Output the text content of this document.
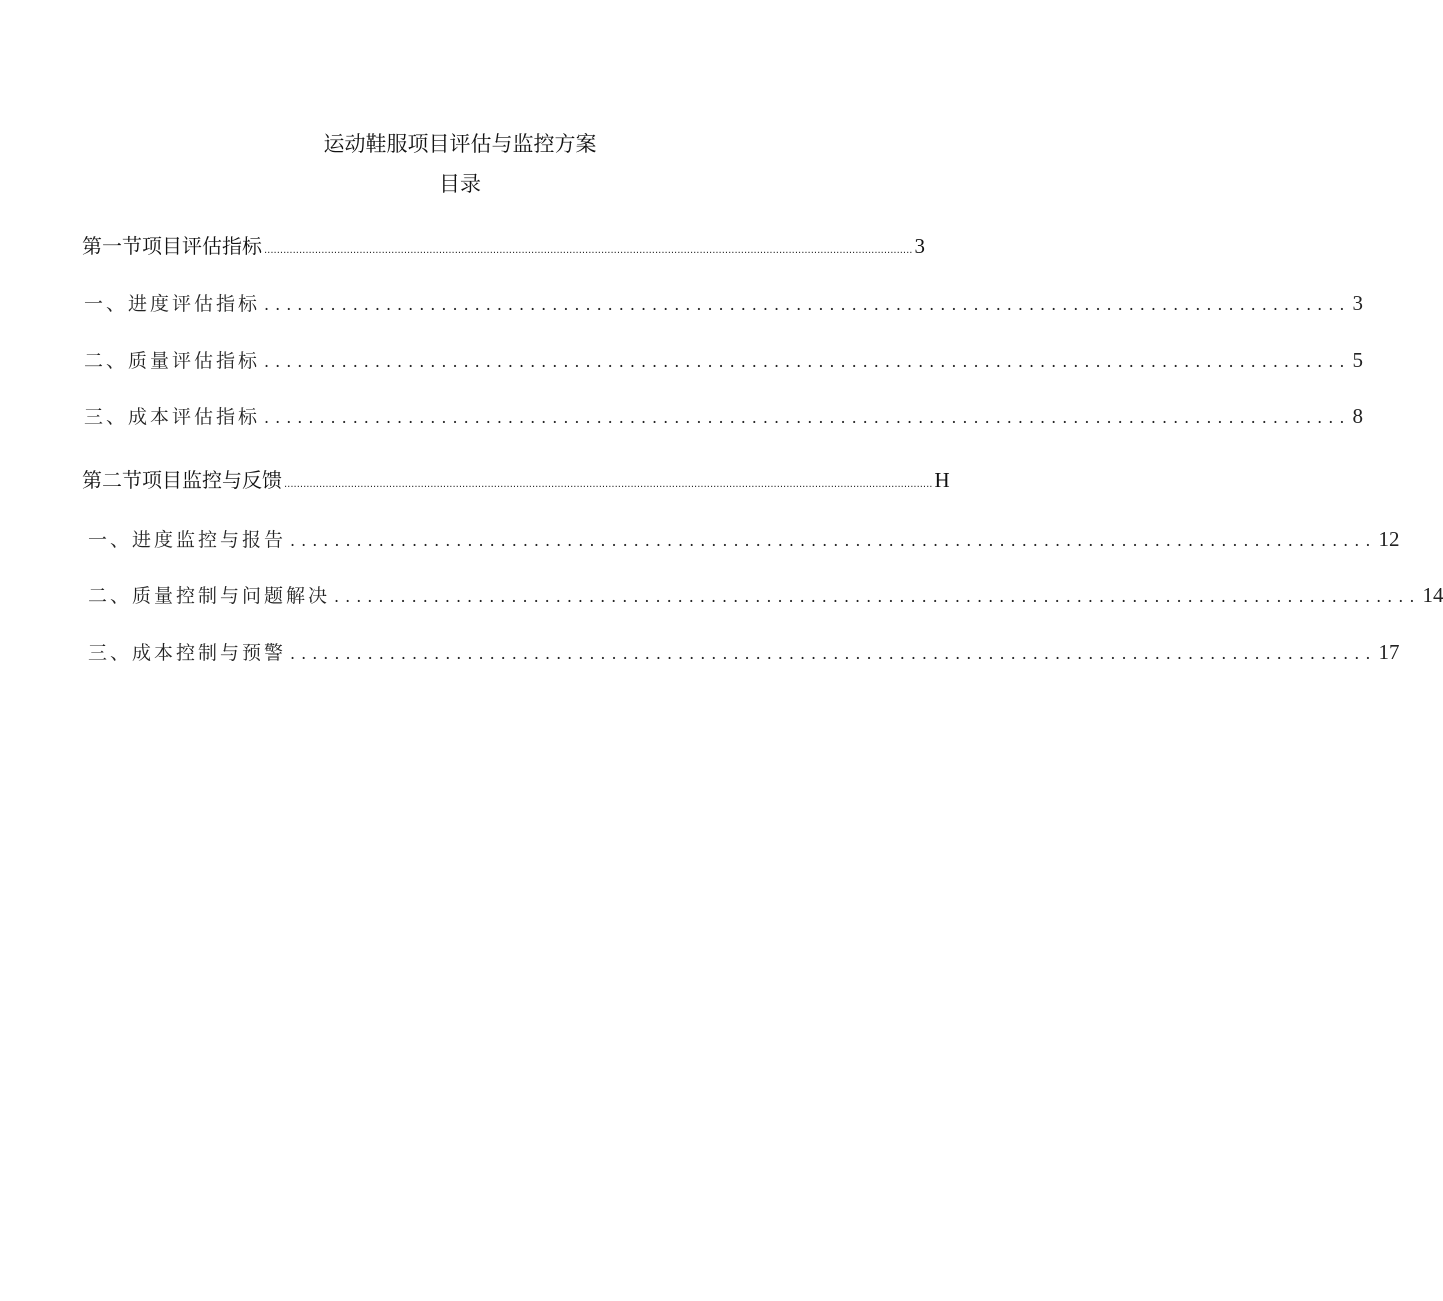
运动鞋服项目评估与监控方案
目录
第一节项目评估指标 ............................................................................................................................................................................................................ 3
一、进度评估指标 .................................................................................................. 3
二、质量评估指标 .................................................................................................. 5
三、成本评估指标 .................................................................................................. 8
第二节项目监控与反馈 ............................................................................................................................................................................................................ H
一、进度监控与报告 .................................................................................................. 12
二、质量控制与问题解决 .................................................................................................. 14
三、成本控制与预警 .................................................................................................. 17
